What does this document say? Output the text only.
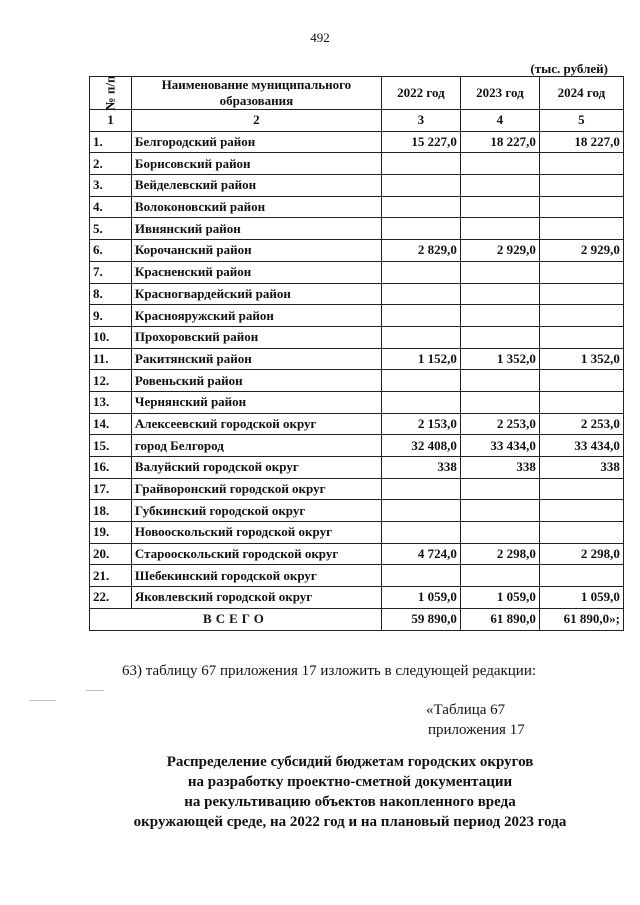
492
(тыс. рублей)
№ п/п	Наименование муниципального образования	2022 год	2023 год	2024 год
1	2	3	4	5
1.	Белгородский район	15 227,0	18 227,0	18 227,0
2.	Борисовский район			
3.	Вейделевский район			
4.	Волоконовский район			
5.	Ивнянский район			
6.	Корочанский район	2 829,0	2 929,0	2 929,0
7.	Красненский район			
8.	Красногвардейский район			
9.	Краснояружский район			
10.	Прохоровский район			
11.	Ракитянский район	1 152,0	1 352,0	1 352,0
12.	Ровеньский район			
13.	Чернянский район			
14.	Алексеевский городской округ	2 153,0	2 253,0	2 253,0
15.	город Белгород	32 408,0	33 434,0	33 434,0
16.	Валуйский городской округ	338	338	338
17.	Грайворонский городской округ			
18.	Губкинский городской округ			
19.	Новооскольский городской округ			
20.	Старооскольский городской округ	4 724,0	2 298,0	2 298,0
21.	Шебекинский городской округ			
22.	Яковлевский городской округ	1 059,0	1 059,0	1 059,0
ВСЕГО		59 890,0	61 890,0	61 890,0»;
63) таблицу 67 приложения 17 изложить в следующей редакции:
«Таблица 67
приложения 17
Распределение субсидий бюджетам городских округов
на разработку проектно-сметной документации
на рекультивацию объектов накопленного вреда
окружающей среде, на 2022 год и на плановый период 2023 года
